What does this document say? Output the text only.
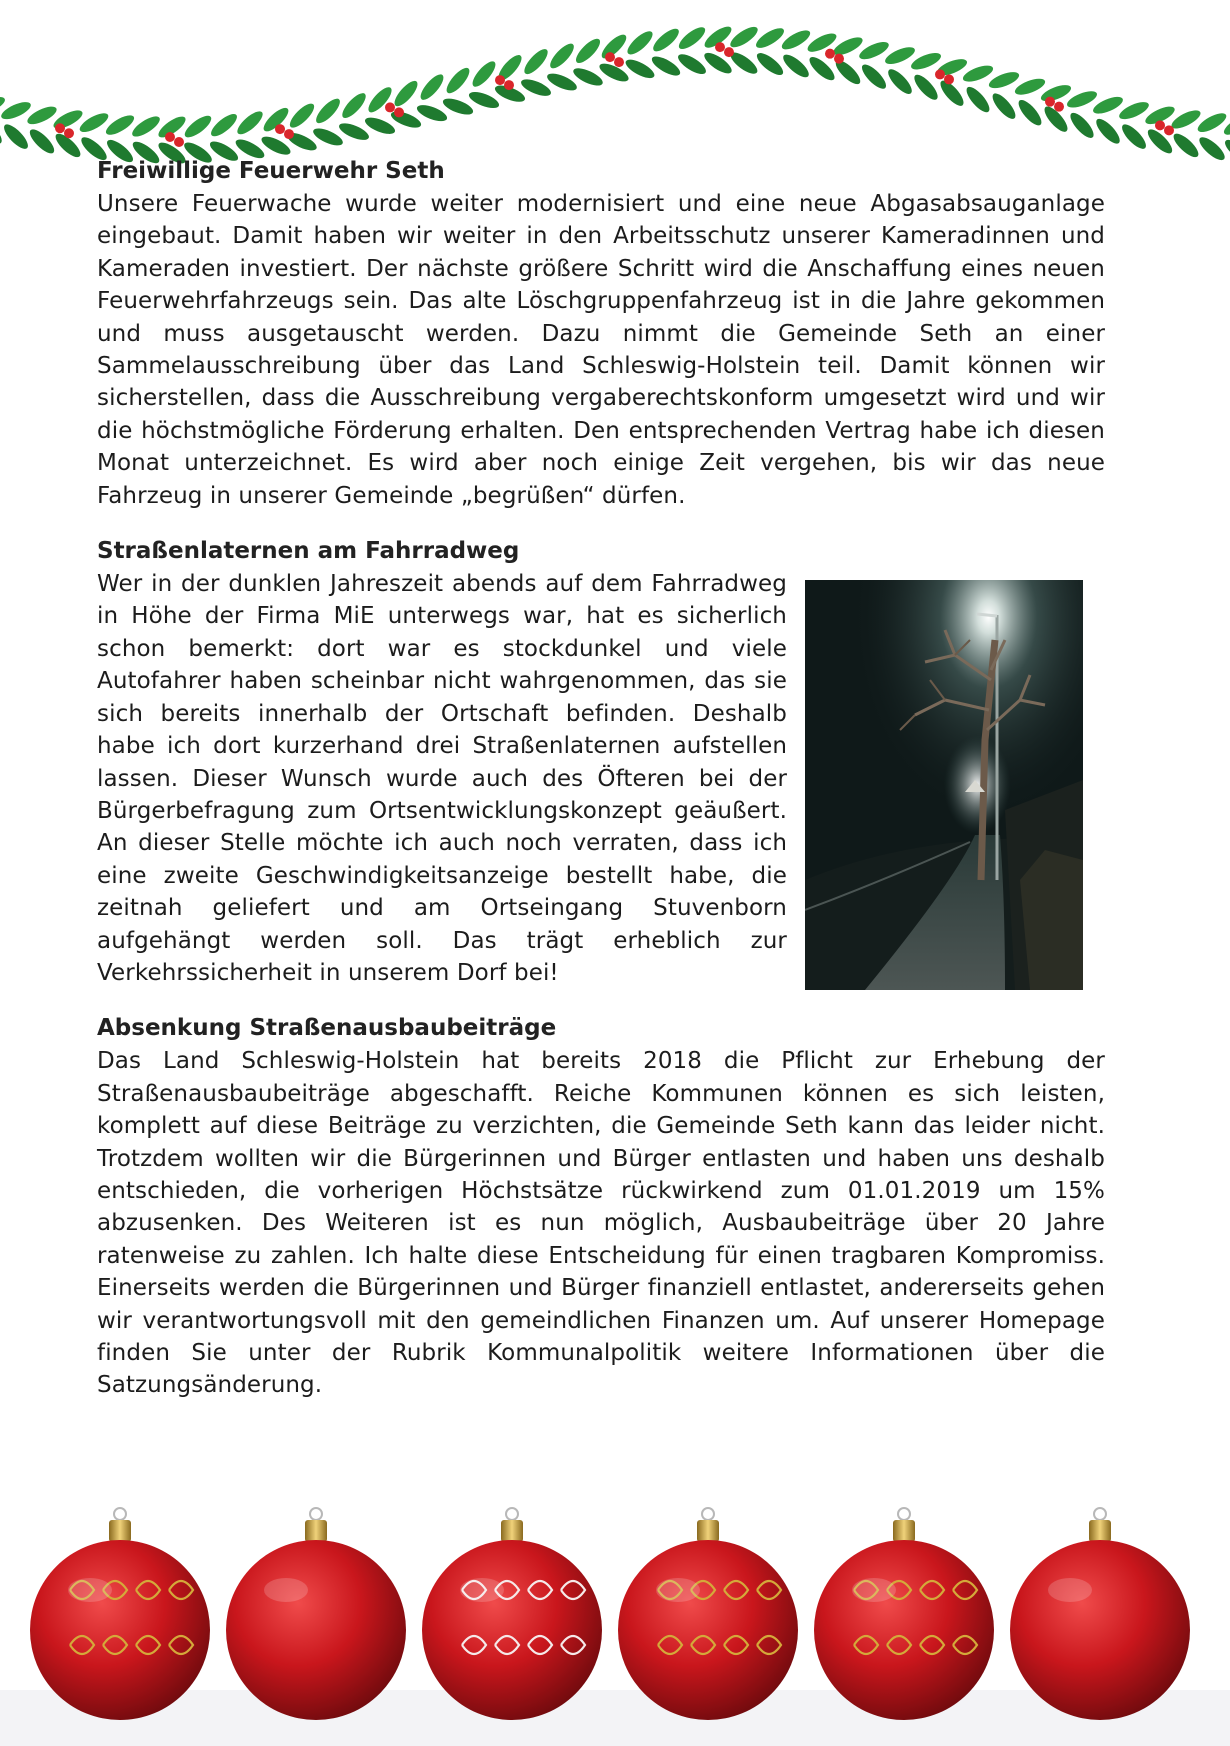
Freiwillige Feuerwehr Seth

Unsere Feuerwache wurde weiter modernisiert und eine neue Abgasabsauganlage eingebaut. Damit haben wir weiter in den Arbeitsschutz unserer Kameradinnen und Kameraden investiert. Der nächste größere Schritt wird die Anschaffung eines neuen Feuerwehrfahrzeugs sein. Das alte Löschgruppenfahrzeug ist in die Jahre gekommen und muss ausgetauscht werden. Dazu nimmt die Gemeinde Seth an einer Sammelausschreibung über das Land Schleswig-Holstein teil. Damit können wir sicherstellen, dass die Ausschreibung vergaberechtskonform umgesetzt wird und wir die höchstmögliche Förderung erhalten. Den entsprechenden Vertrag habe ich diesen Monat unterzeichnet. Es wird aber noch einige Zeit vergehen, bis wir das neue Fahrzeug in unserer Gemeinde „begrüßen“ dürfen.

Straßenlaternen am Fahrradweg

Wer in der dunklen Jahreszeit abends auf dem Fahrradweg in Höhe der Firma MiE unterwegs war, hat es sicherlich schon bemerkt: dort war es stockdunkel und viele Autofahrer haben scheinbar nicht wahrgenommen, das sie sich bereits innerhalb der Ortschaft befinden. Deshalb habe ich dort kurzerhand drei Straßenlaternen aufstellen lassen. Dieser Wunsch wurde auch des Öfteren bei der Bürgerbefragung zum Ortsentwicklungskonzept geäußert. An dieser Stelle möchte ich auch noch verraten, dass ich eine zweite Geschwindigkeitsanzeige bestellt habe, die zeitnah geliefert und am Ortseingang Stuvenborn aufgehängt werden soll. Das trägt erheblich zur Verkehrssicherheit in unserem Dorf bei!

Absenkung Straßenausbaubeiträge

Das Land Schleswig-Holstein hat bereits 2018 die Pflicht zur Erhebung der Straßenausbaubeiträge abgeschafft. Reiche Kommunen können es sich leisten, komplett auf diese Beiträge zu verzichten, die Gemeinde Seth kann das leider nicht. Trotzdem wollten wir die Bürgerinnen und Bürger entlasten und haben uns deshalb entschieden, die vorherigen Höchstsätze rückwirkend zum 01.01.2019 um 15% abzusenken. Des Weiteren ist es nun möglich, Ausbaubeiträge über 20 Jahre ratenweise zu zahlen. Ich halte diese Entscheidung für einen tragbaren Kompromiss. Einerseits werden die Bürgerinnen und Bürger finanziell entlastet, andererseits gehen wir verantwortungsvoll mit den gemeindlichen Finanzen um. Auf unserer Homepage finden Sie unter der Rubrik Kommunalpolitik weitere Informationen über die Satzungsänderung.
